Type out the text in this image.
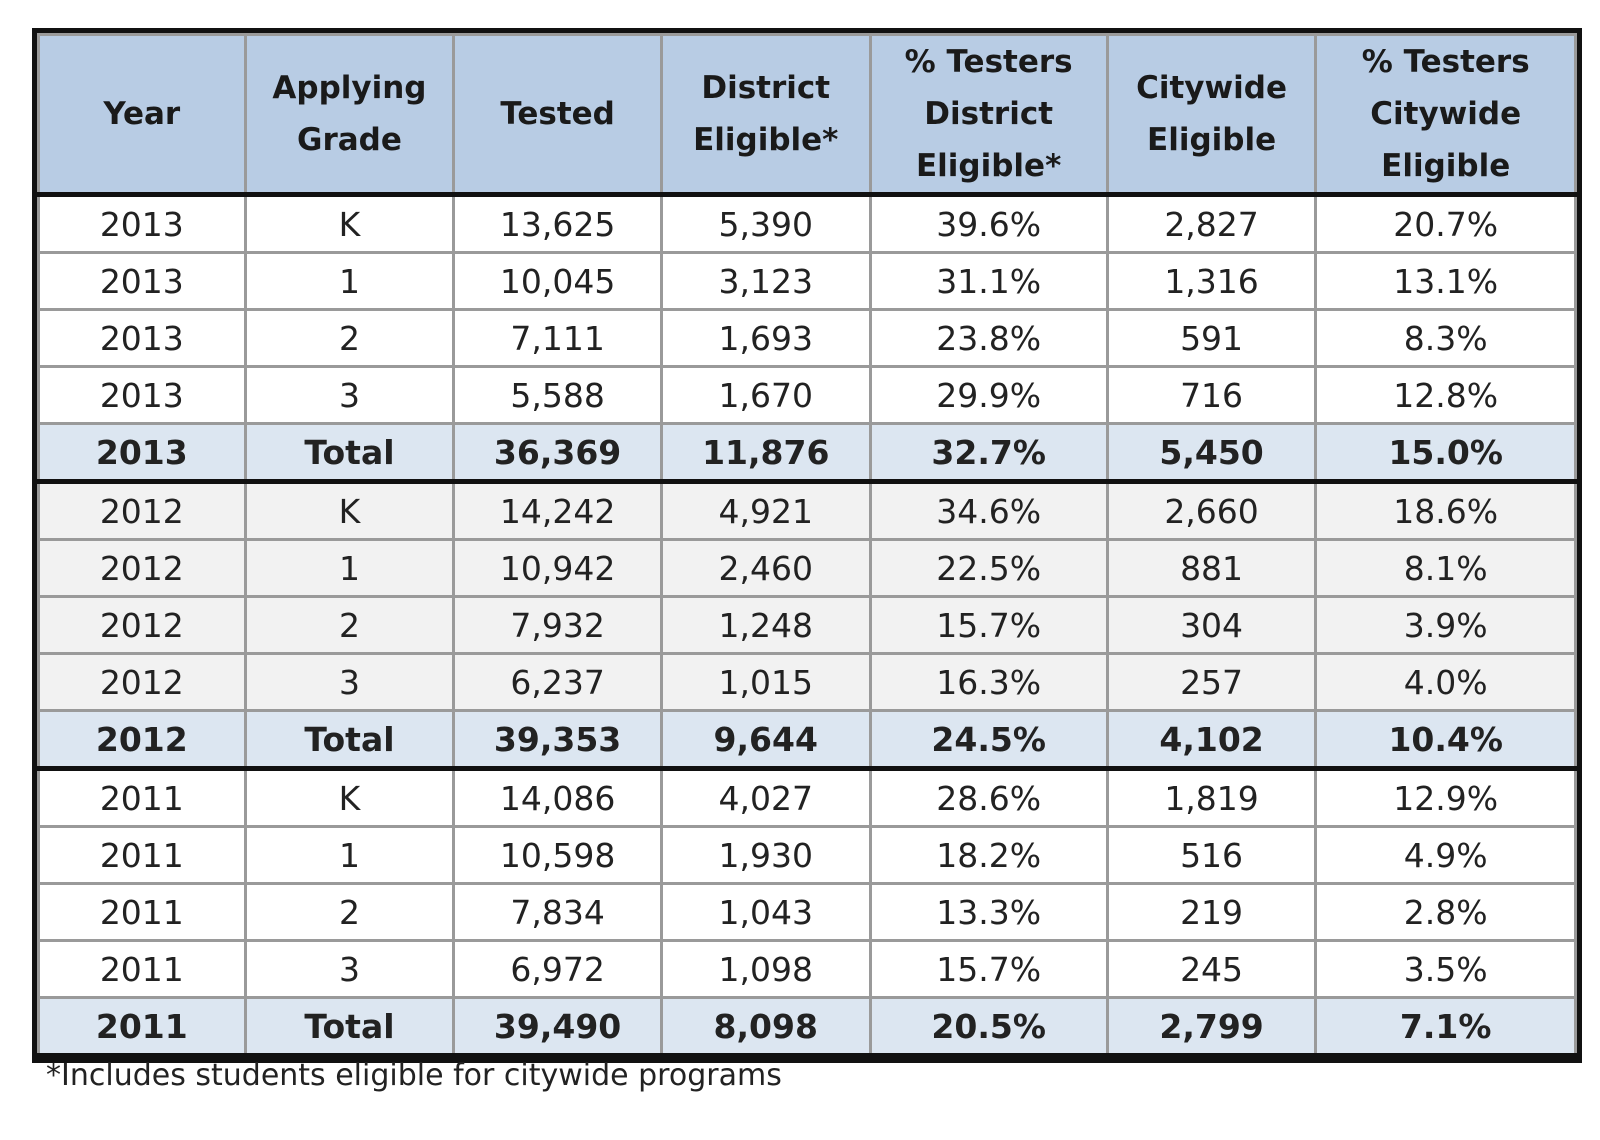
Year	Applying Grade	Tested	District Eligible*	% Testers District Eligible*	Citywide Eligible	% Testers Citywide Eligible
2013	K	13,625	5,390	39.6%	2,827	20.7%
2013	1	10,045	3,123	31.1%	1,316	13.1%
2013	2	7,111	1,693	23.8%	591	8.3%
2013	3	5,588	1,670	29.9%	716	12.8%
2013	Total	36,369	11,876	32.7%	5,450	15.0%
2012	K	14,242	4,921	34.6%	2,660	18.6%
2012	1	10,942	2,460	22.5%	881	8.1%
2012	2	7,932	1,248	15.7%	304	3.9%
2012	3	6,237	1,015	16.3%	257	4.0%
2012	Total	39,353	9,644	24.5%	4,102	10.4%
2011	K	14,086	4,027	28.6%	1,819	12.9%
2011	1	10,598	1,930	18.2%	516	4.9%
2011	2	7,834	1,043	13.3%	219	2.8%
2011	3	6,972	1,098	15.7%	245	3.5%
2011	Total	39,490	8,098	20.5%	2,799	7.1%
*Includes students eligible for citywide programs
